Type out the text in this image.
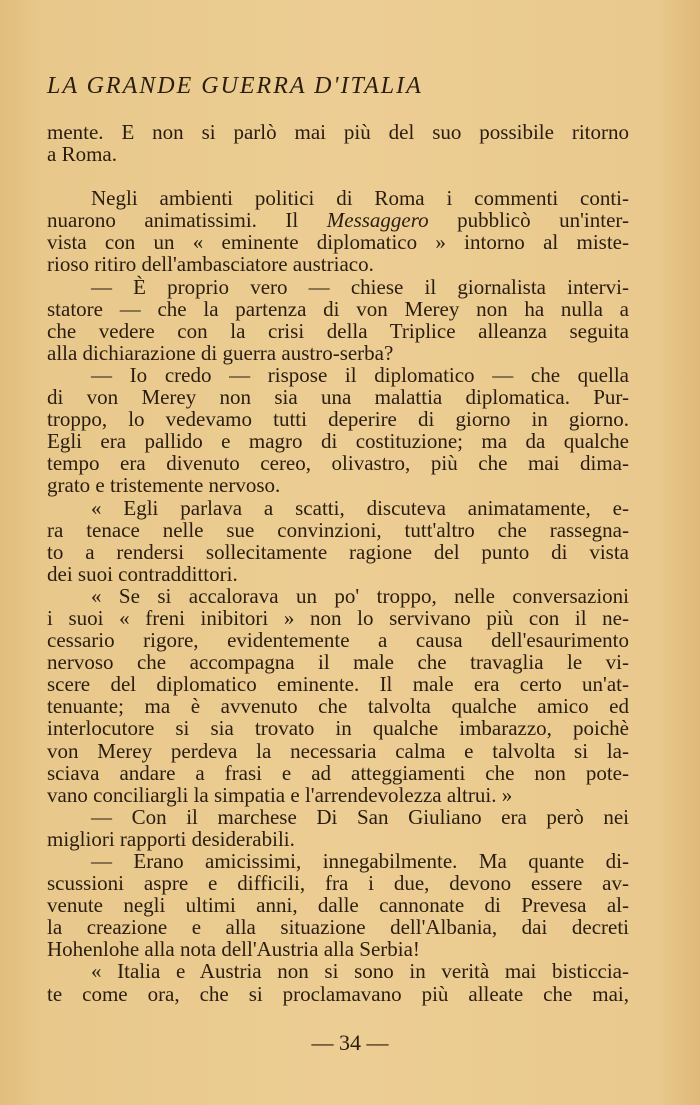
LA GRANDE GUERRA D'ITALIA

mente. E non si parlò mai più del suo possibile ritorno
a Roma.

Negli ambienti politici di Roma i commenti conti-
nuarono animatissimi. Il Messaggero pubblicò un'inter-
vista con un « eminente diplomatico » intorno al miste-
rioso ritiro dell'ambasciatore austriaco.

— È proprio vero — chiese il giornalista intervi-
statore — che la partenza di von Merey non ha nulla a
che vedere con la crisi della Triplice alleanza seguita
alla dichiarazione di guerra austro-serba?

— Io credo — rispose il diplomatico — che quella
di von Merey non sia una malattia diplomatica. Pur-
troppo, lo vedevamo tutti deperire di giorno in giorno.
Egli era pallido e magro di costituzione; ma da qualche
tempo era divenuto cereo, olivastro, più che mai dima-
grato e tristemente nervoso.

« Egli parlava a scatti, discuteva animatamente, e-
ra tenace nelle sue convinzioni, tutt'altro che rassegna-
to a rendersi sollecitamente ragione del punto di vista
dei suoi contraddittori.

« Se si accalorava un po' troppo, nelle conversazioni
i suoi « freni inibitori » non lo servivano più con il ne-
cessario rigore, evidentemente a causa dell'esaurimento
nervoso che accompagna il male che travaglia le vi-
scere del diplomatico eminente. Il male era certo un'at-
tenuante; ma è avvenuto che talvolta qualche amico ed
interlocutore si sia trovato in qualche imbarazzo, poichè
von Merey perdeva la necessaria calma e talvolta si la-
sciava andare a frasi e ad atteggiamenti che non pote-
vano conciliargli la simpatia e l'arrendevolezza altrui. »

— Con il marchese Di San Giuliano era però nei
migliori rapporti desiderabili.

— Erano amicissimi, innegabilmente. Ma quante di-
scussioni aspre e difficili, fra i due, devono essere av-
venute negli ultimi anni, dalle cannonate di Prevesa al-
la creazione e alla situazione dell'Albania, dai decreti
Hohenlohe alla nota dell'Austria alla Serbia!

« Italia e Austria non si sono in verità mai bisticcia-
te come ora, che si proclamavano più alleate che mai,

— 34 —
